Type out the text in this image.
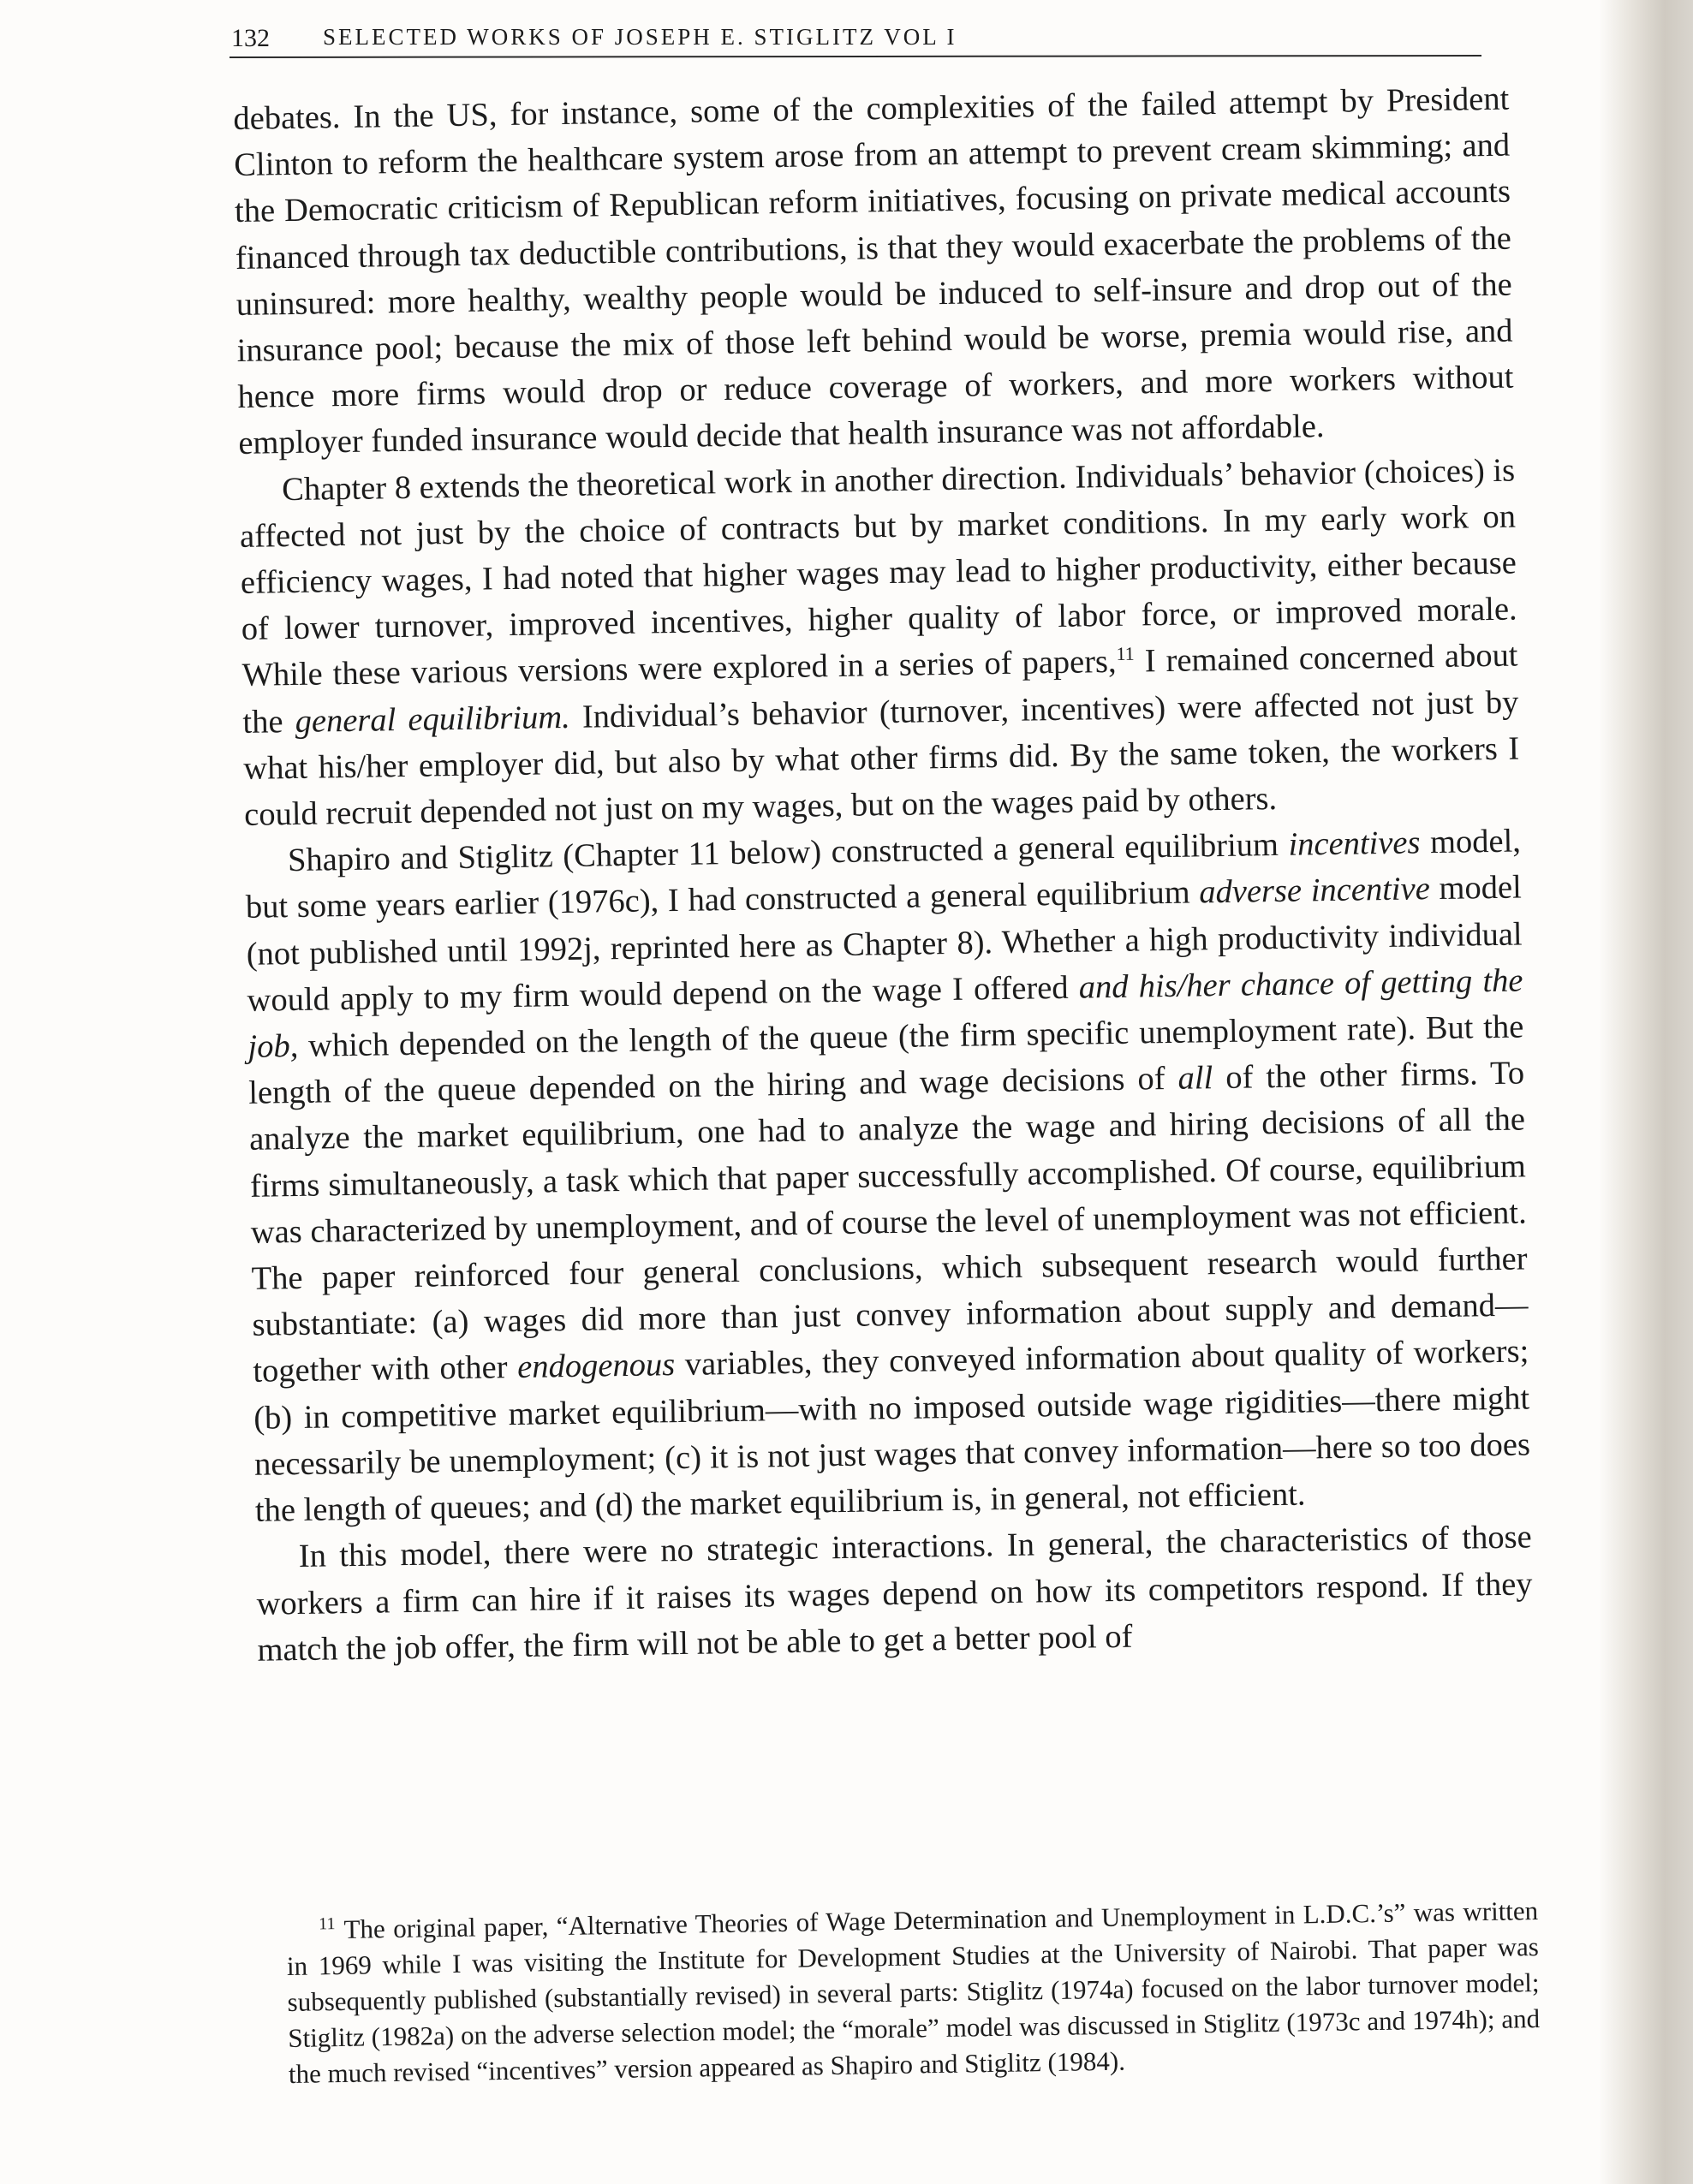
132 SELECTED WORKS OF JOSEPH E. STIGLITZ VOL I

debates. In the US, for instance, some of the complexities of the failed attempt by President Clinton to reform the healthcare system arose from an attempt to prevent cream skimming; and the Democratic criticism of Republican reform initiatives, focusing on private medical accounts financed through tax deductible contributions, is that they would exacerbate the problems of the uninsured: more healthy, wealthy people would be induced to self-insure and drop out of the insurance pool; because the mix of those left behind would be worse, premia would rise, and hence more firms would drop or reduce coverage of workers, and more workers without employer funded insurance would decide that health insurance was not affordable.

Chapter 8 extends the theoretical work in another direction. Individuals’ behavior (choices) is affected not just by the choice of contracts but by market conditions. In my early work on efficiency wages, I had noted that higher wages may lead to higher productivity, either because of lower turnover, improved incentives, higher quality of labor force, or improved morale. While these various versions were explored in a series of papers,$^{11}$ I remained concerned about the general equilibrium. Individual’s behavior (turnover, incentives) were affected not just by what his/her employer did, but also by what other firms did. By the same token, the workers I could recruit depended not just on my wages, but on the wages paid by others.

Shapiro and Stiglitz (Chapter 11 below) constructed a general equilibrium incentives model, but some years earlier (1976c), I had constructed a general equilibrium adverse incentive model (not published until 1992j, reprinted here as Chapter 8). Whether a high productivity individual would apply to my firm would depend on the wage I offered and his/her chance of getting the job, which depended on the length of the queue (the firm specific unemployment rate). But the length of the queue depended on the hiring and wage decisions of all of the other firms. To analyze the market equilibrium, one had to analyze the wage and hiring decisions of all the firms simultaneously, a task which that paper successfully accomplished. Of course, equilibrium was characterized by unemployment, and of course the level of unemployment was not efficient. The paper reinforced four general conclusions, which subsequent research would further substantiate: (a) wages did more than just convey information about supply and demand—together with other endogenous variables, they conveyed information about quality of workers; (b) in competitive market equilibrium—with no imposed outside wage rigidities—there might necessarily be unemployment; (c) it is not just wages that convey information—here so too does the length of queues; and (d) the market equilibrium is, in general, not efficient.

In this model, there were no strategic interactions. In general, the characteristics of those workers a firm can hire if it raises its wages depend on how its competitors respond. If they match the job offer, the firm will not be able to get a better pool of

$^{11}$ The original paper, “Alternative Theories of Wage Determination and Unemployment in L.D.C.’s” was written in 1969 while I was visiting the Institute for Development Studies at the University of Nairobi. That paper was subsequently published (substantially revised) in several parts: Stiglitz (1974a) focused on the labor turnover model; Stiglitz (1982a) on the adverse selection model; the “morale” model was discussed in Stiglitz (1973c and 1974h); and the much revised “incentives” version appeared as Shapiro and Stiglitz (1984).
